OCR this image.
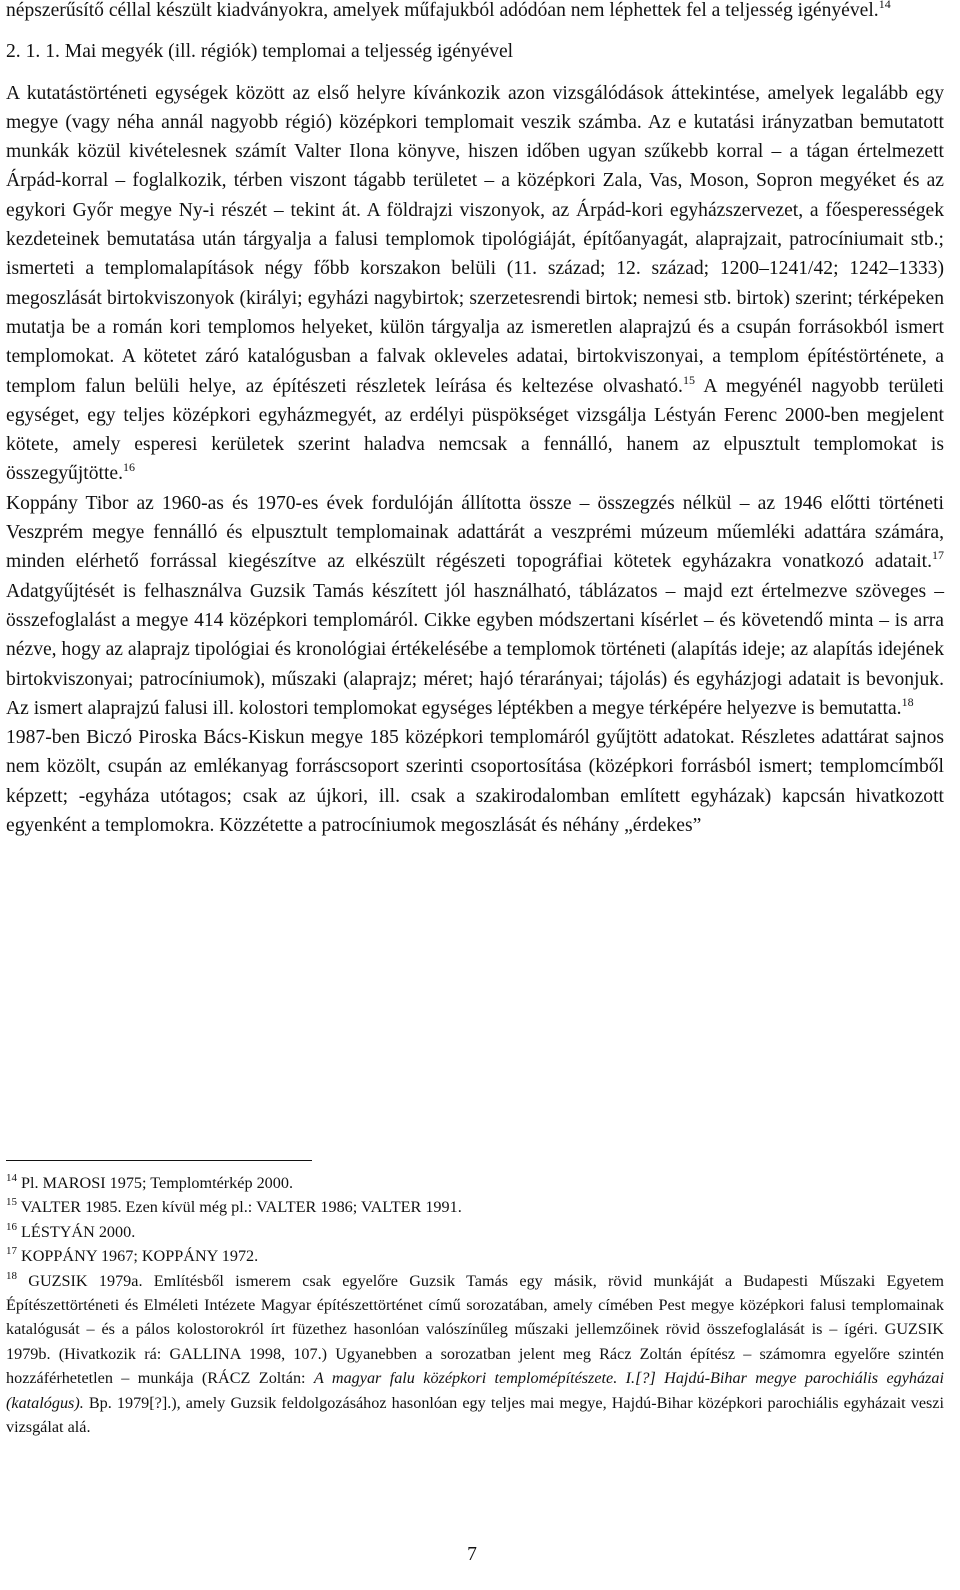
népszerűsítő céllal készült kiadványokra, amelyek műfajukból adódóan nem léphettek fel a teljesség igényével.$^{14}$

2. 1. 1. Mai megyék (ill. régiók) templomai a teljesség igényével

A kutatástörténeti egységek között az első helyre kívánkozik azon vizsgálódások áttekintése, amelyek legalább egy megye (vagy néha annál nagyobb régió) középkori templomait veszik számba. Az e kutatási irányzatban bemutatott munkák közül kivételesnek számít Valter Ilona könyve, hiszen időben ugyan szűkebb korral – a tágan értelmezett Árpád-korral – foglalkozik, térben viszont tágabb területet – a középkori Zala, Vas, Moson, Sopron megyéket és az egykori Győr megye Ny-i részét – tekint át. A földrajzi viszonyok, az Árpád-kori egyházszervezet, a főesperességek kezdeteinek bemutatása után tárgyalja a falusi templomok tipológiáját, építőanyagát, alaprajzait, patrocíniumait stb.; ismerteti a templomalapítások négy főbb korszakon belüli (11. század; 12. század; 1200–1241/42; 1242–1333) megoszlását birtokviszonyok (királyi; egyházi nagybirtok; szerzetesrendi birtok; nemesi stb. birtok) szerint; térképeken mutatja be a román kori templomos helyeket, külön tárgyalja az ismeretlen alaprajzú és a csupán forrásokból ismert templomokat. A kötetet záró katalógusban a falvak okleveles adatai, birtokviszonyai, a templom építéstörténete, a templom falun belüli helye, az építészeti részletek leírása és keltezése olvasható.$^{15}$ A megyénél nagyobb területi egységet, egy teljes középkori egyházmegyét, az erdélyi püspökséget vizsgálja Léstyán Ferenc 2000-ben megjelent kötete, amely esperesi kerületek szerint haladva nemcsak a fennálló, hanem az elpusztult templomokat is összegyűjtötte.$^{16}$

Koppány Tibor az 1960-as és 1970-es évek fordulóján állította össze – összegzés nélkül – az 1946 előtti történeti Veszprém megye fennálló és elpusztult templomainak adattárát a veszprémi múzeum műemléki adattára számára, minden elérhető forrással kiegészítve az elkészült régészeti topográfiai kötetek egyházakra vonatkozó adatait.$^{17}$ Adatgyűjtését is felhasználva Guzsik Tamás készített jól használható, táblázatos – majd ezt értelmezve szöveges – összefoglalást a megye 414 középkori templomáról. Cikke egyben módszertani kísérlet – és követendő minta – is arra nézve, hogy az alaprajz tipológiai és kronológiai értékelésébe a templomok történeti (alapítás ideje; az alapítás idejének birtokviszonyai; patrocíniumok), műszaki (alaprajz; méret; hajó térarányai; tájolás) és egyházjogi adatait is bevonjuk. Az ismert alaprajzú falusi ill. kolostori templomokat egységes léptékben a megye térképére helyezve is bemutatta.$^{18}$

1987-ben Biczó Piroska Bács-Kiskun megye 185 középkori templomáról gyűjtött adatokat. Részletes adattárat sajnos nem közölt, csupán az emlékanyag forráscsoport szerinti csoportosítása (középkori forrásból ismert; templomcímből képzett; -egyháza utótagos; csak az újkori, ill. csak a szakirodalomban említett egyházak) kapcsán hivatkozott egyenként a templomokra. Közzétette a patrocíniumok megoszlását és néhány „érdekes”

$^{14}$ Pl. MAROSI 1975; Templomtérkép 2000.

$^{15}$ VALTER 1985. Ezen kívül még pl.: VALTER 1986; VALTER 1991.

$^{16}$ LÉSTYÁN 2000.

$^{17}$ KOPPÁNY 1967; KOPPÁNY 1972.

$^{18}$ GUZSIK 1979a. Említésből ismerem csak egyelőre Guzsik Tamás egy másik, rövid munkáját a Budapesti Műszaki Egyetem Építészettörténeti és Elméleti Intézete Magyar építészettörténet című sorozatában, amely címében Pest megye középkori falusi templomainak katalógusát – és a pálos kolostorokról írt füzethez hasonlóan valószínűleg műszaki jellemzőinek rövid összefoglalását is – ígéri. GUZSIK 1979b. (Hivatkozik rá: GALLINA 1998, 107.) Ugyanebben a sorozatban jelent meg Rácz Zoltán építész – számomra egyelőre szintén hozzáférhetetlen – munkája (RÁCZ Zoltán: A magyar falu középkori templomépítészete. I.[?] Hajdú-Bihar megye parochiális egyházai (katalógus). Bp. 1979[?].), amely Guzsik feldolgozásához hasonlóan egy teljes mai megye, Hajdú-Bihar középkori parochiális egyházait veszi vizsgálat alá.

7
